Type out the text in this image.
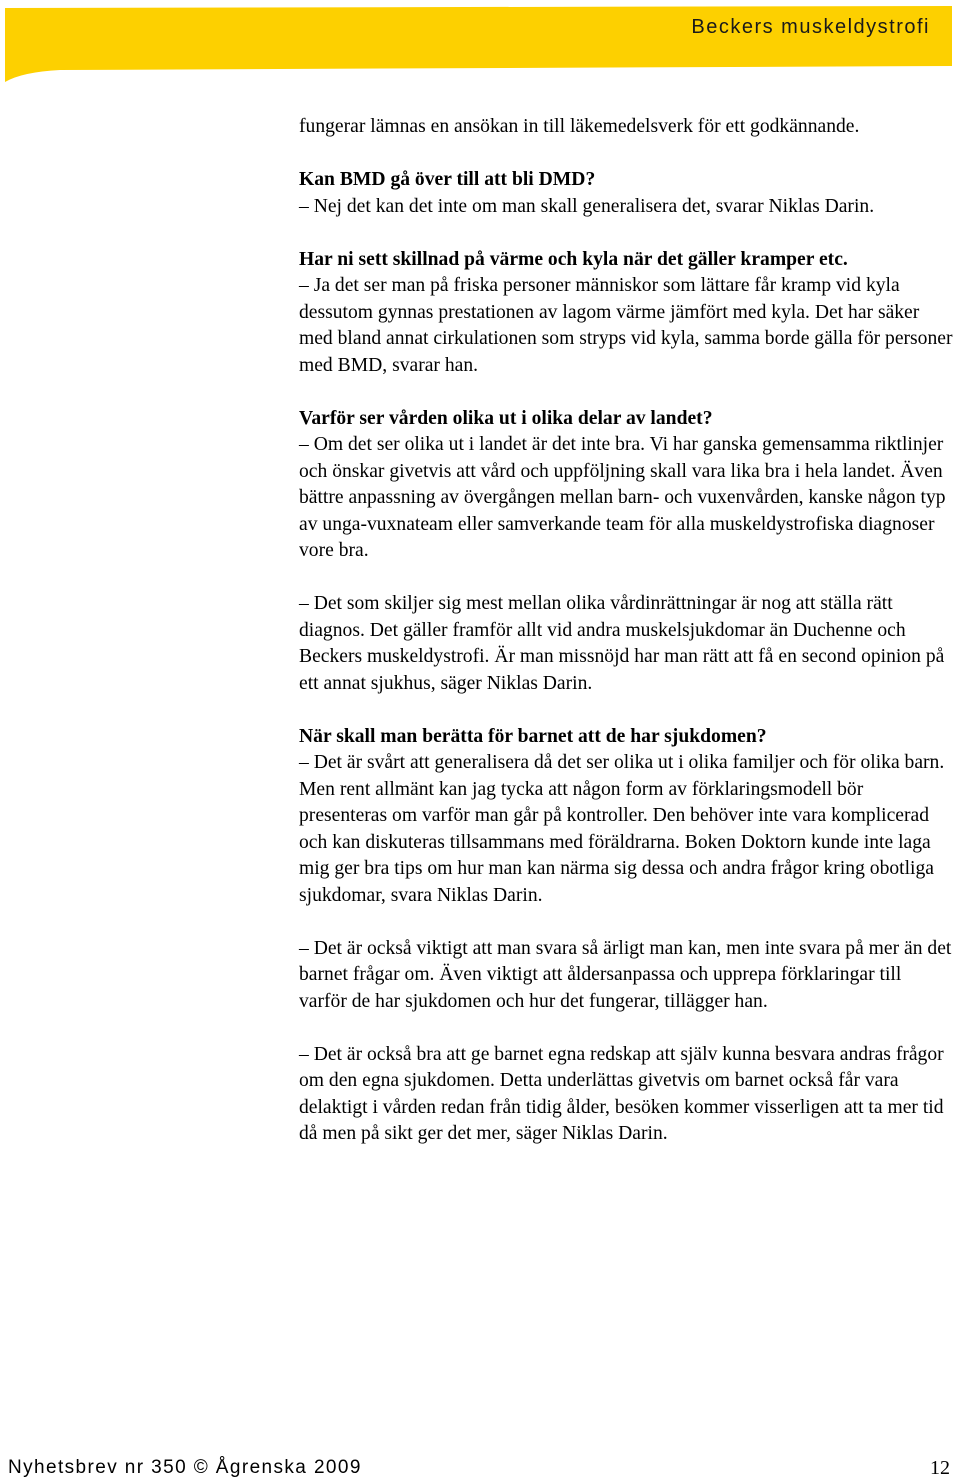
Beckers muskeldystrofi

fungerar lämnas en ansökan in till läkemedelsverk för ett godkännande.

Kan BMD gå över till att bli DMD?
– Nej det kan det inte om man skall generalisera det, svarar Niklas Darin.

Har ni sett skillnad på värme och kyla när det gäller kramper etc.
– Ja det ser man på friska personer människor som lättare får kramp vid kyla dessutom gynnas prestationen av lagom värme jämfört med kyla. Det har säker med bland annat cirkulationen som stryps vid kyla, samma borde gälla för personer med BMD, svarar han.

Varför ser vården olika ut i olika delar av landet?
– Om det ser olika ut i landet är det inte bra. Vi har ganska gemensamma riktlinjer och önskar givetvis att vård och uppföljning skall vara lika bra i hela landet. Även bättre anpassning av övergången mellan barn- och vuxenvården, kanske någon typ av unga-vuxnateam eller samverkande team för alla muskeldystrofiska diagnoser vore bra.

– Det som skiljer sig mest mellan olika vårdinrättningar är nog att ställa rätt diagnos. Det gäller framför allt vid andra muskelsjukdomar än Duchenne och Beckers muskeldystrofi. Är man missnöjd har man rätt att få en second opinion på ett annat sjukhus, säger Niklas Darin.

När skall man berätta för barnet att de har sjukdomen?
– Det är svårt att generalisera då det ser olika ut i olika familjer och för olika barn. Men rent allmänt kan jag tycka att någon form av förklaringsmodell bör presenteras om varför man går på kontroller. Den behöver inte vara komplicerad och kan diskuteras tillsammans med föräldrarna. Boken Doktorn kunde inte laga mig ger bra tips om hur man kan närma sig dessa och andra frågor kring obotliga sjukdomar, svara Niklas Darin.

– Det är också viktigt att man svara så ärligt man kan, men inte svara på mer än det barnet frågar om. Även viktigt att åldersanpassa och upprepa förklaringar till varför de har sjukdomen och hur det fungerar, tillägger han.

– Det är också bra att ge barnet egna redskap att själv kunna besvara andras frågor om den egna sjukdomen. Detta underlättas givetvis om barnet också får vara delaktigt i vården redan från tidig ålder, besöken kommer visserligen att ta mer tid då men på sikt ger det mer, säger Niklas Darin.

Nyhetsbrev nr 350 © Ågrenska 2009	12
